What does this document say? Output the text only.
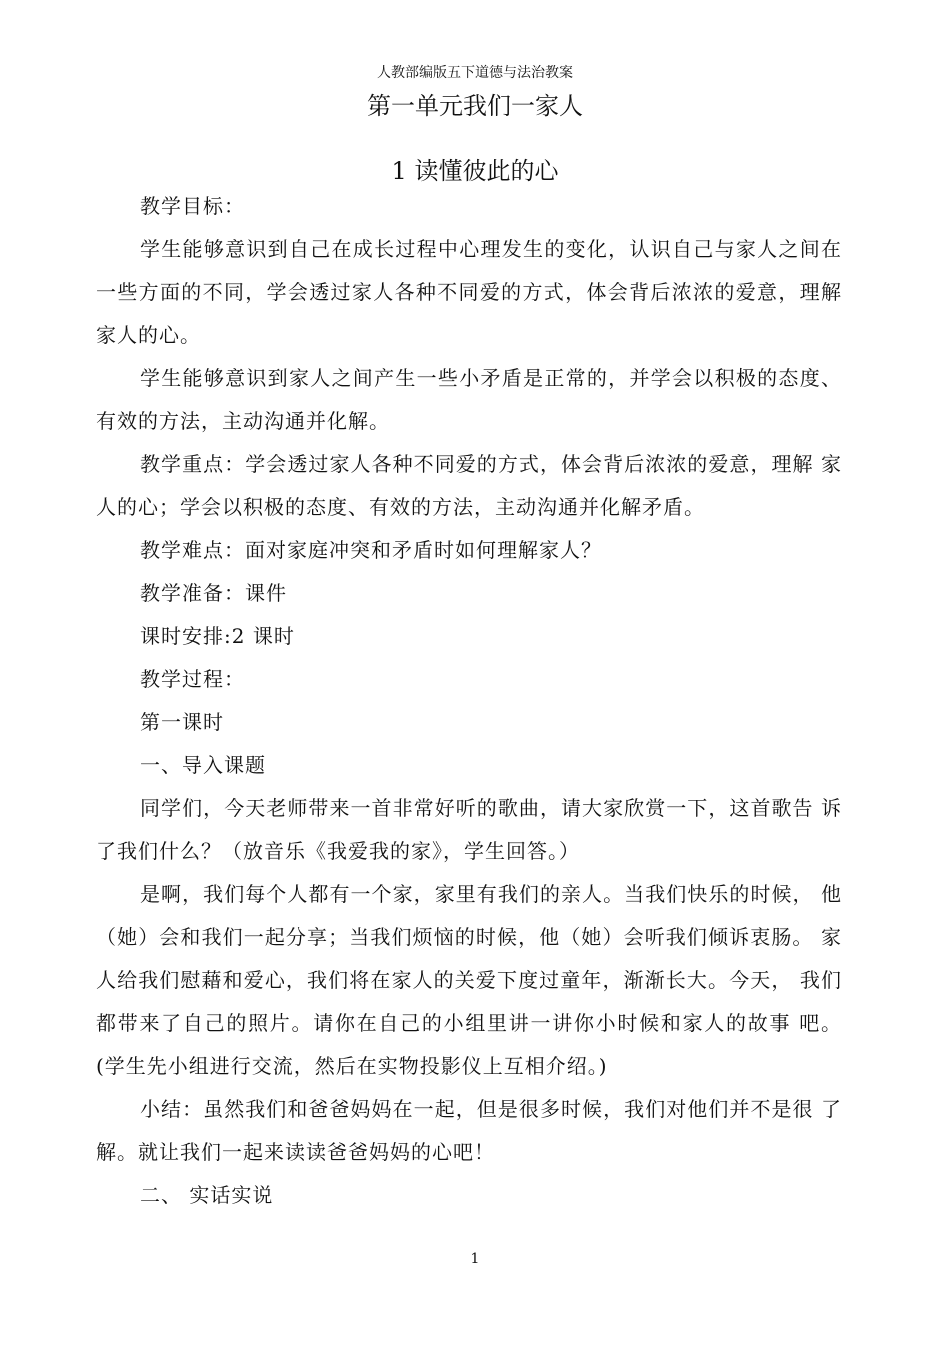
人教部编版五下道德与法治教案
第一单元我们一家人
1 读懂彼此的心

教学目标：

学生能够意识到自己在成长过程中心理发生的变化，认识自己与家人之间在一些方面的不同，学会透过家人各种不同爱的方式，体会背后浓浓的爱意，理解家人的心。

学生能够意识到家人之间产生一些小矛盾是正常的，并学会以积极的态度、有效的方法，主动沟通并化解。

教学重点：学会透过家人各种不同爱的方式，体会背后浓浓的爱意，理解 家人的心；学会以积极的态度、有效的方法，主动沟通并化解矛盾。

教学难点：面对家庭冲突和矛盾时如何理解家人？

教学准备：课件

课时安排:2 课时

教学过程：

第一课时

一、导入课题

同学们，今天老师带来一首非常好听的歌曲，请大家欣赏一下，这首歌告 诉了我们什么？（放音乐《我爱我的家》，学生回答。）

是啊，我们每个人都有一个家，家里有我们的亲人。当我们快乐的时候， 他（她）会和我们一起分享；当我们烦恼的时候，他（她）会听我们倾诉衷肠。 家人给我们慰藉和爱心，我们将在家人的关爱下度过童年，渐渐长大。今天， 我们都带来了自己的照片。请你在自己的小组里讲一讲你小时候和家人的故事 吧。(学生先小组进行交流，然后在实物投影仪上互相介绍。)

小结：虽然我们和爸爸妈妈在一起，但是很多时候，我们对他们并不是很 了解。就让我们一起来读读爸爸妈妈的心吧！

二、 实话实说

1
